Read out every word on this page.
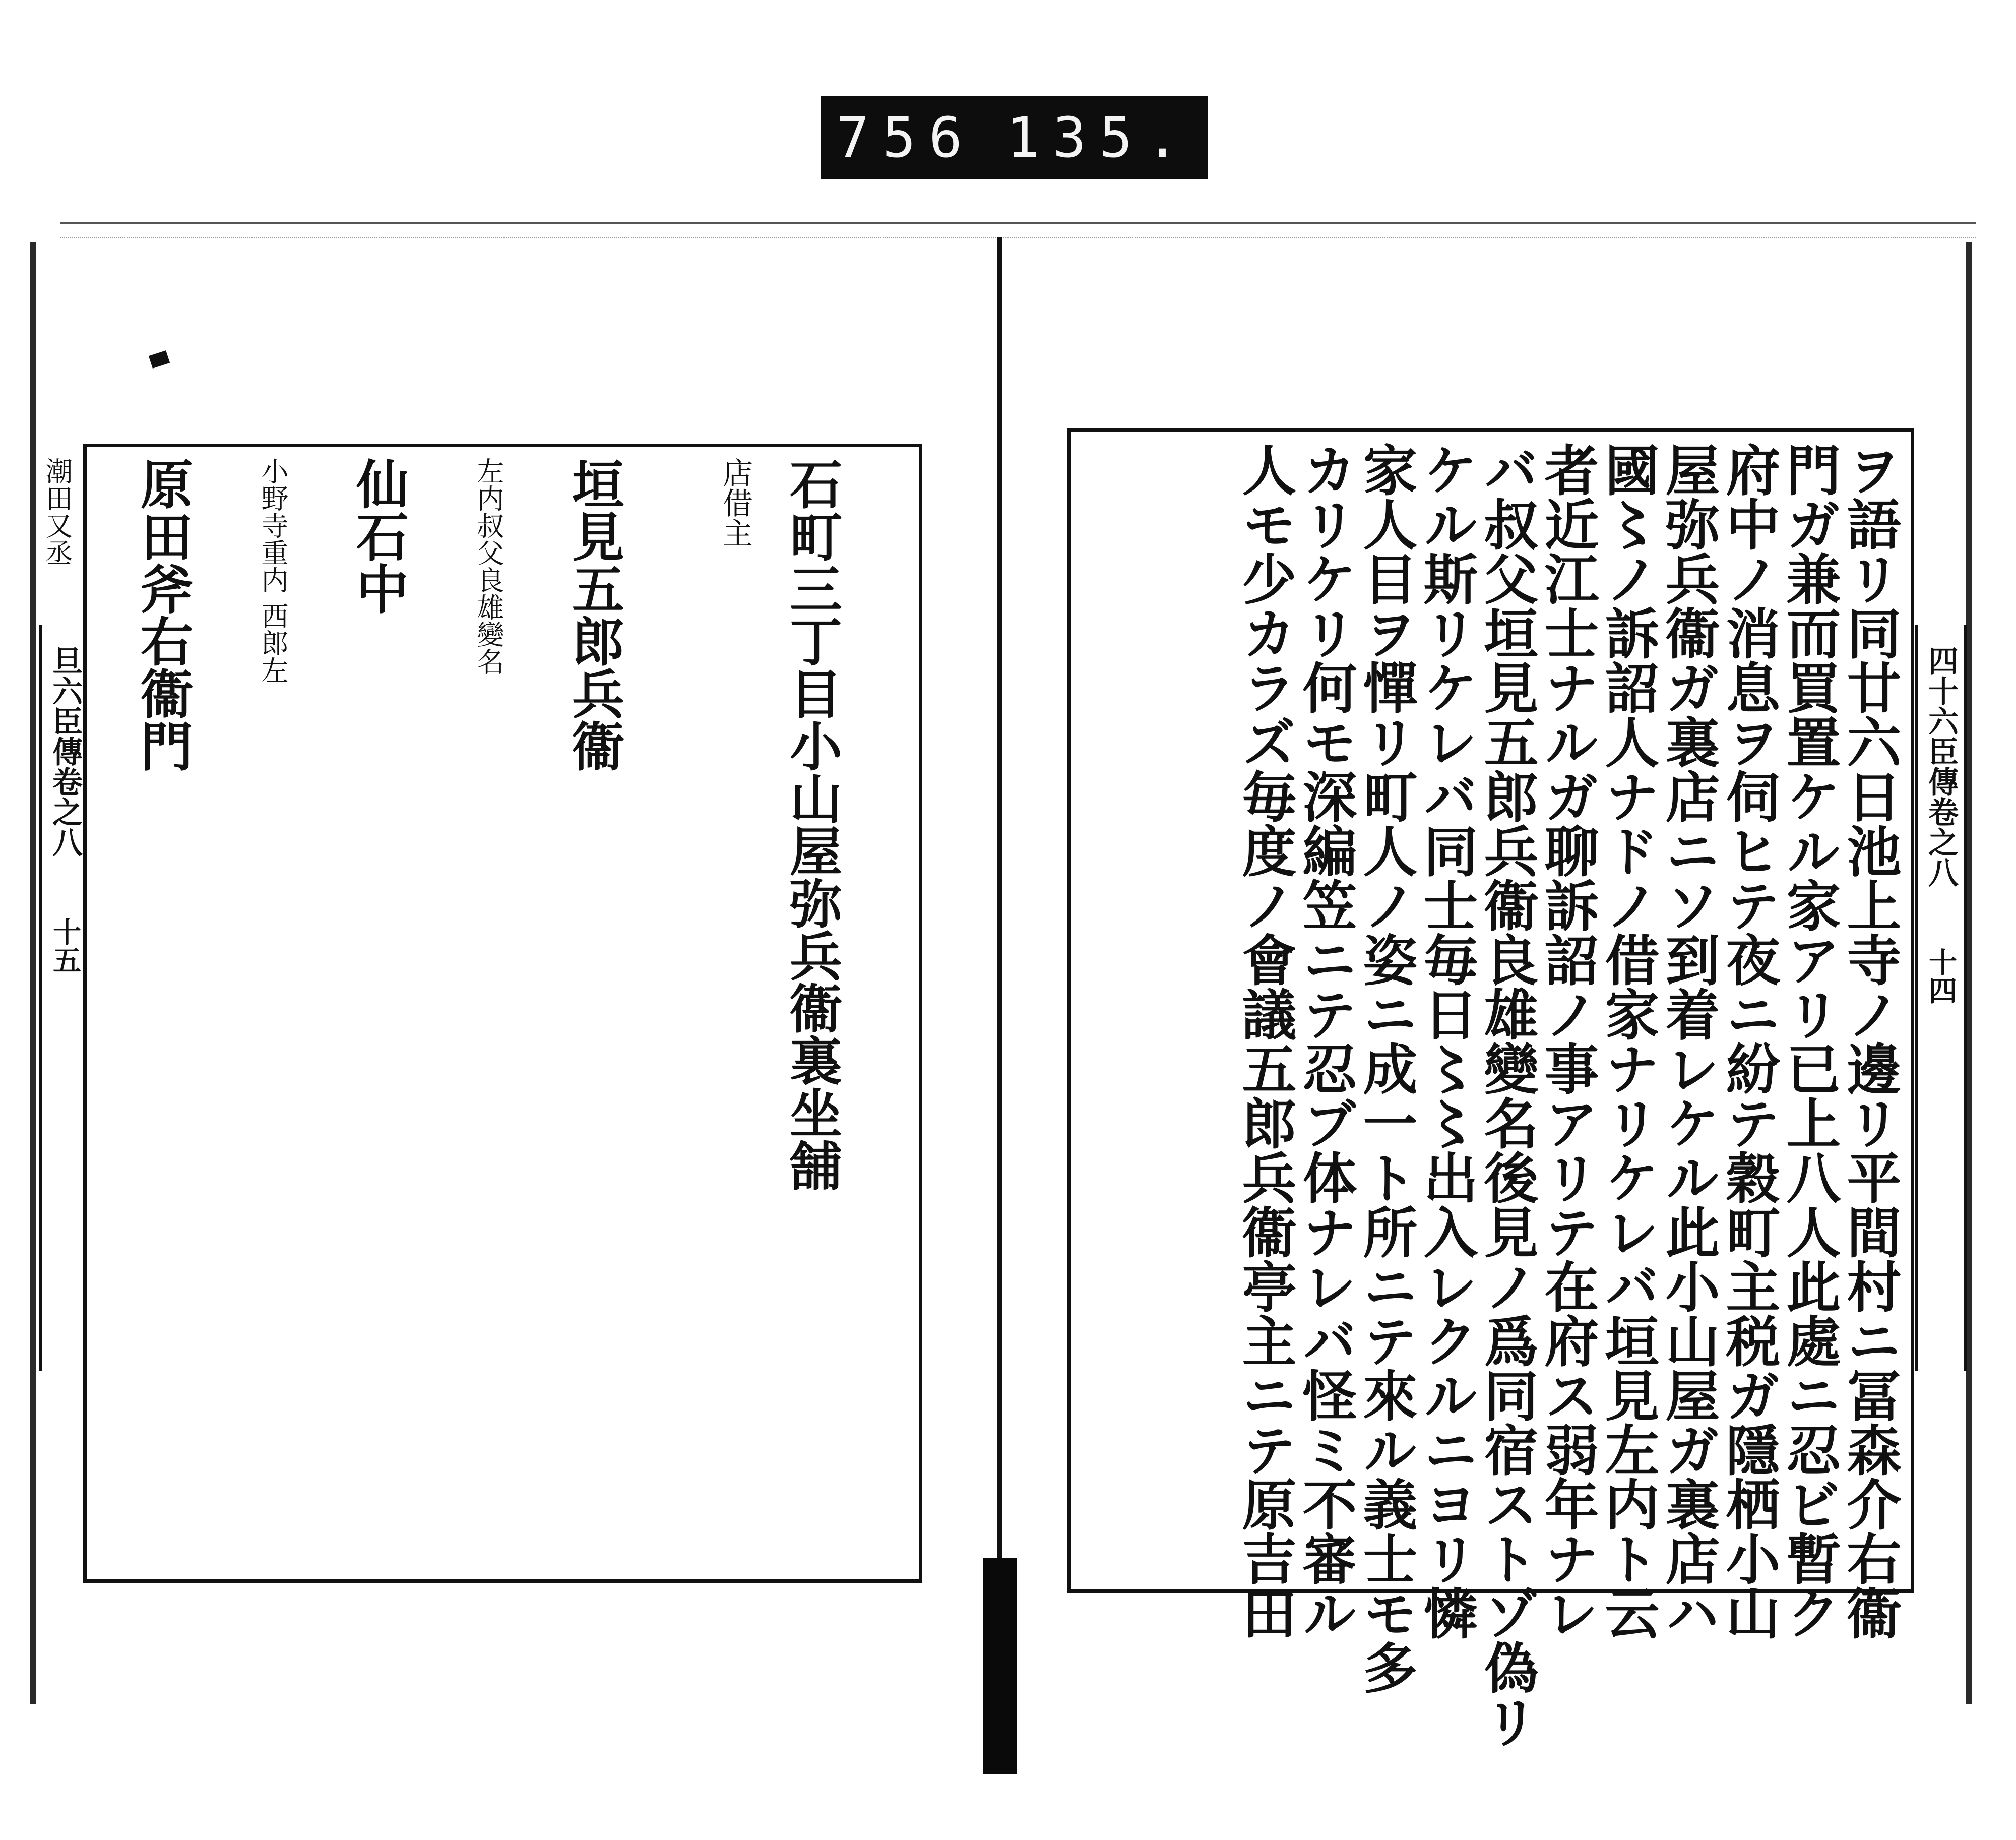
756 135.
旦六臣傳卷之八
十五
四十六臣傳卷之八
十四
ヲ語リ同廿六日池上寺ノ邊リ平間村ニ冨森介右衞
門ガ兼而買置ケル家アリ已上八人此處ニ忍ビ暫ク
府中ノ消息ヲ伺ヒテ夜ニ紛テ穀町主税ガ隱栖小山
屋弥兵衞ガ裏店ニソ到着レケル此小山屋ガ裏店ハ
國〻ノ訴詔人ナドノ借家ナリケレバ垣見左内ト云
者近江士ナルガ聊訴詔ノ事アリテ在府ス弱年ナレ
バ叔父垣見五郎兵衞良雄變名後見ノ爲同宿ストゾ偽リ
ケル斯リケレバ同士毎日〻〻出入レクルニヨリ憐
家人目ヲ憚リ町人ノ姿ニ成一ト所ニテ來ル義士モ多
カリケリ何モ深編笠ニテ忍ブ体ナレバ怪ミ不審ル
人モ少カラズ毎度ノ會議五郎兵衞亭主ニテ原吉田
石町三丁目小山屋弥兵衞裏坐舗
店借主
垣見五郎兵衞
左内叔父良雄變名
仙石中
小野寺重内 西郎左
原田斧右衞門
潮田又丞
